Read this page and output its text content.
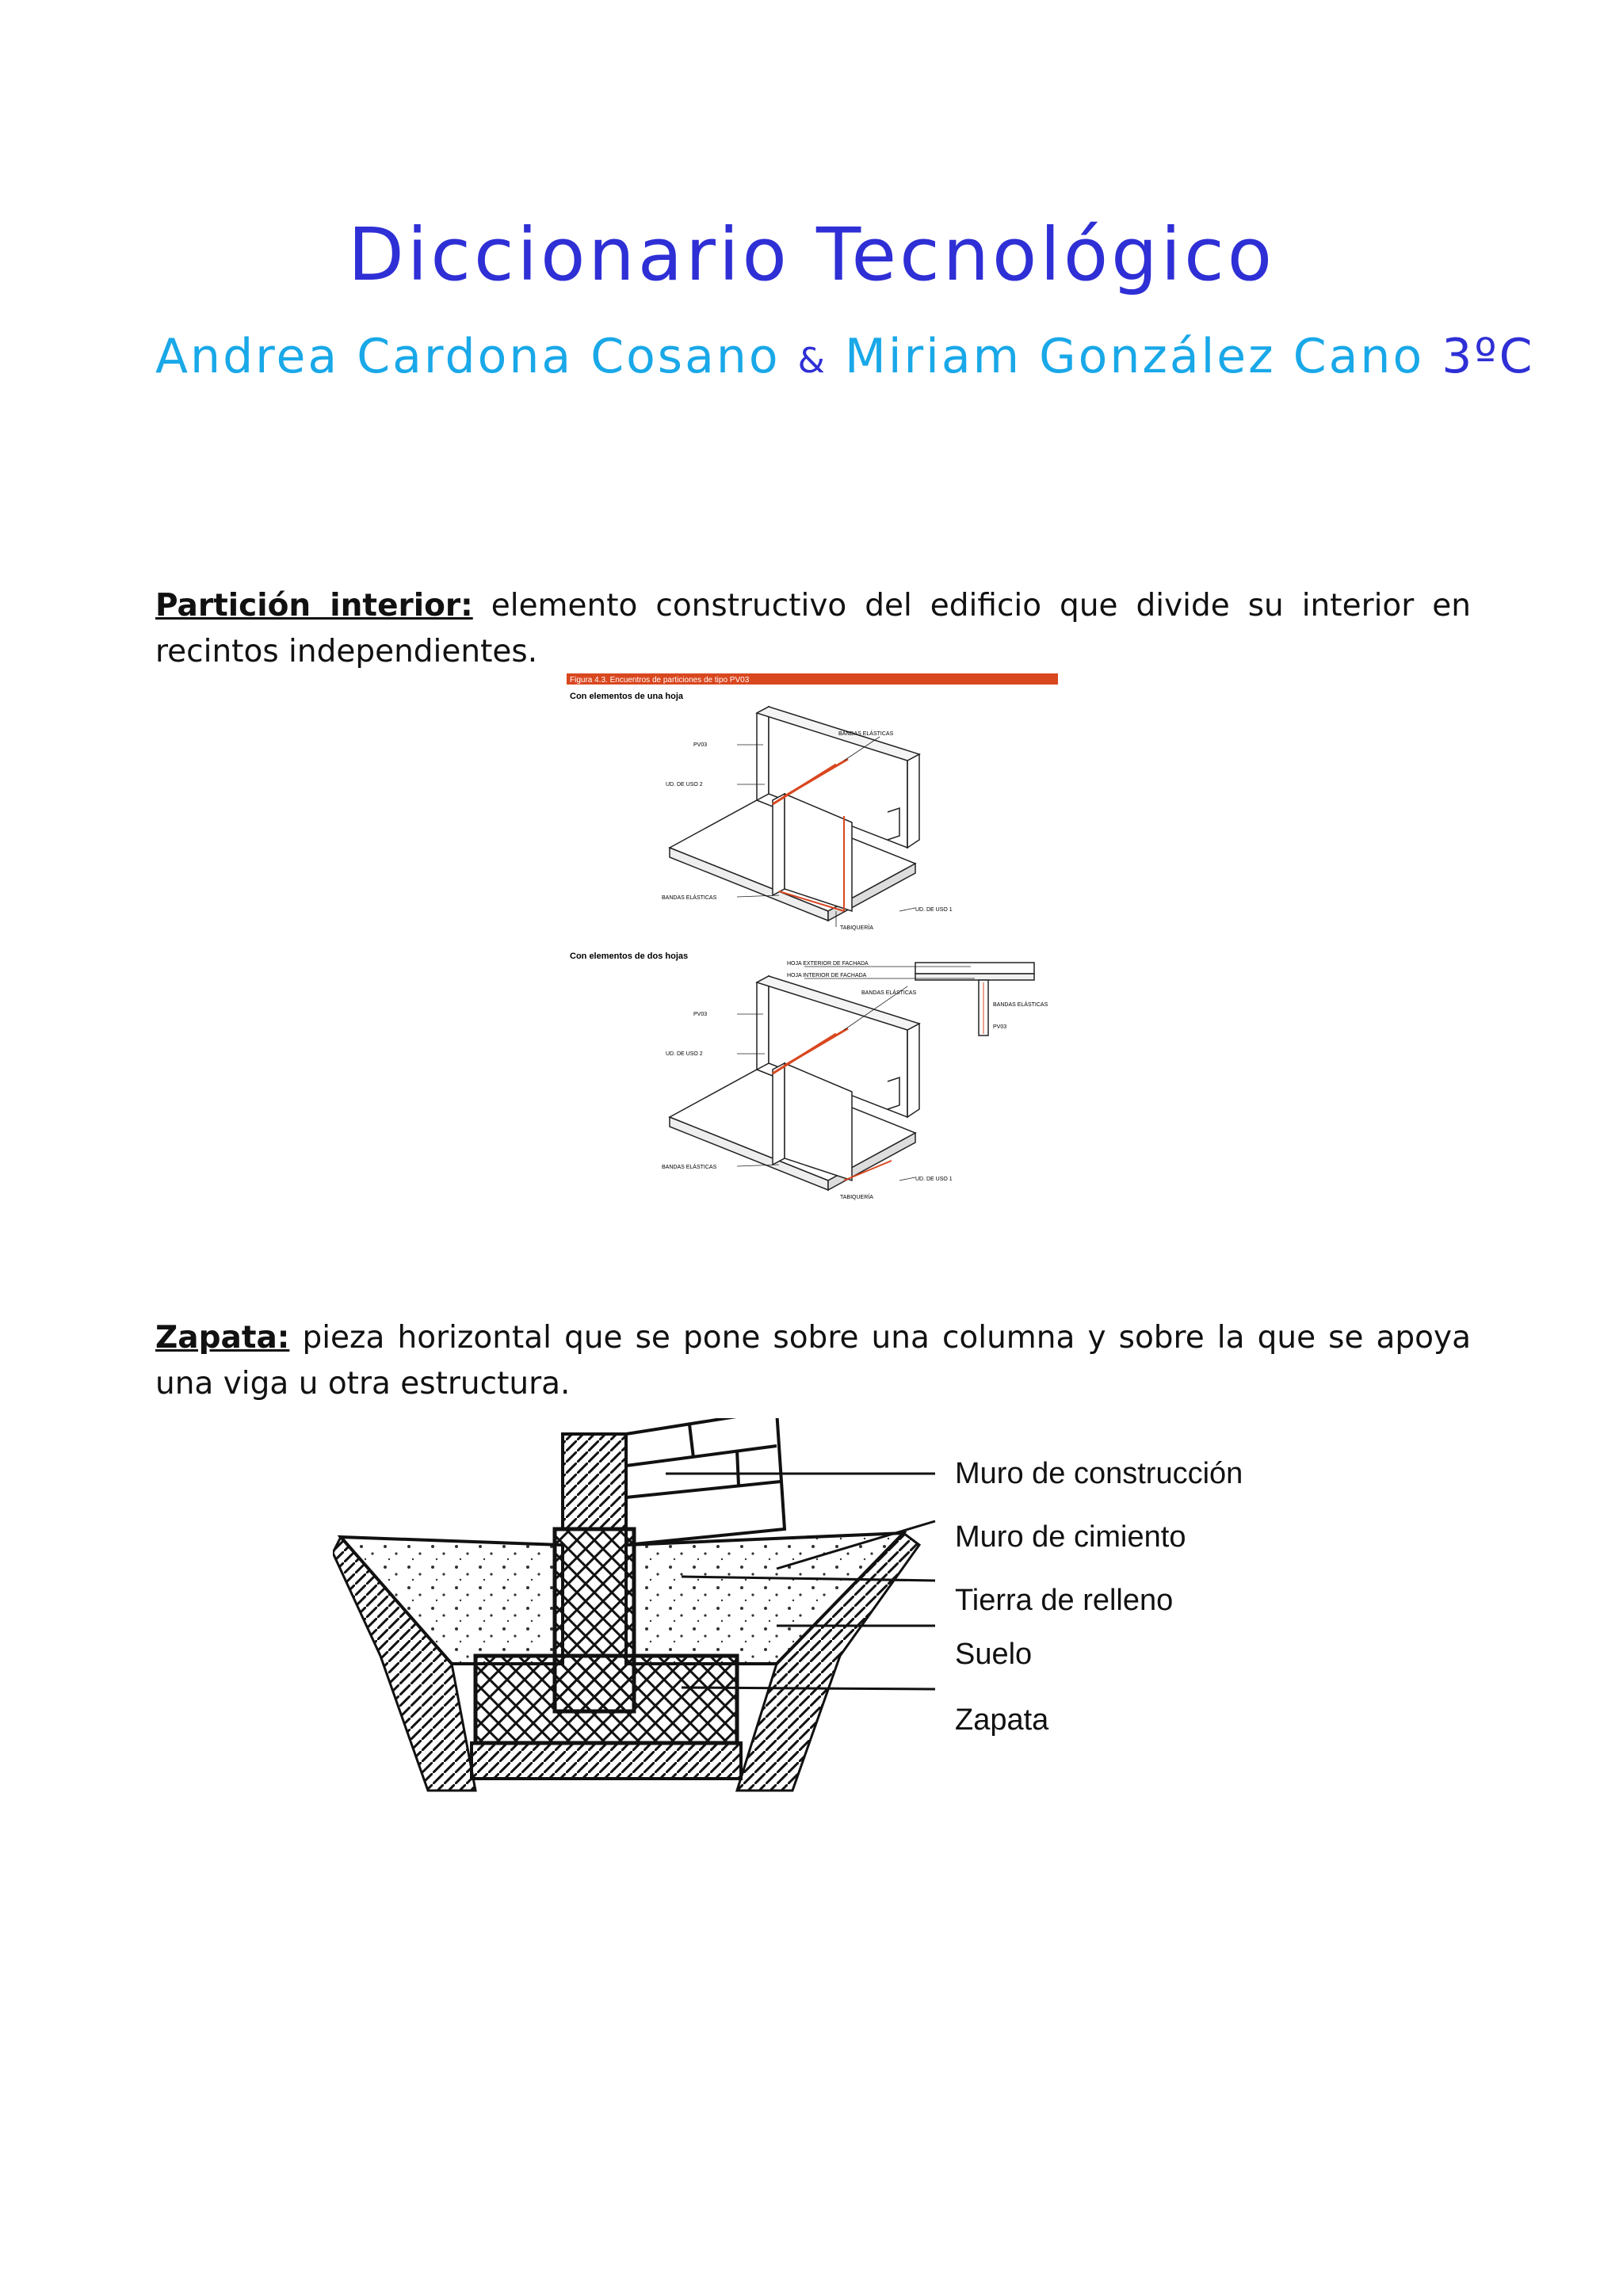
Diccionario Tecnológico
Andrea Cardona Cosano & Miriam González Cano 3ºC

Partición interior: elemento constructivo del edificio que divide su interior en recintos independientes.

Figura 4.3. Encuentros de particiones de tipo PV03
Con elementos de una hoja
BANDAS ELÁSTICAS
PV03
UD. DE USO 2
BANDAS ELÁSTICAS
UD. DE USO 1
TABIQUERÍA
Con elementos de dos hojas
HOJA EXTERIOR DE FACHADA
HOJA INTERIOR DE FACHADA
BANDAS ELÁSTICAS
BANDAS ELÁSTICAS
PV03
PV03
UD. DE USO 2
BANDAS ELÁSTICAS
UD. DE USO 1
TABIQUERÍA

Zapata: pieza horizontal que se pone sobre una columna y sobre la que se apoya una viga u otra estructura.

Muro de construcción
Muro de cimiento
Tierra de relleno
Suelo
Zapata
